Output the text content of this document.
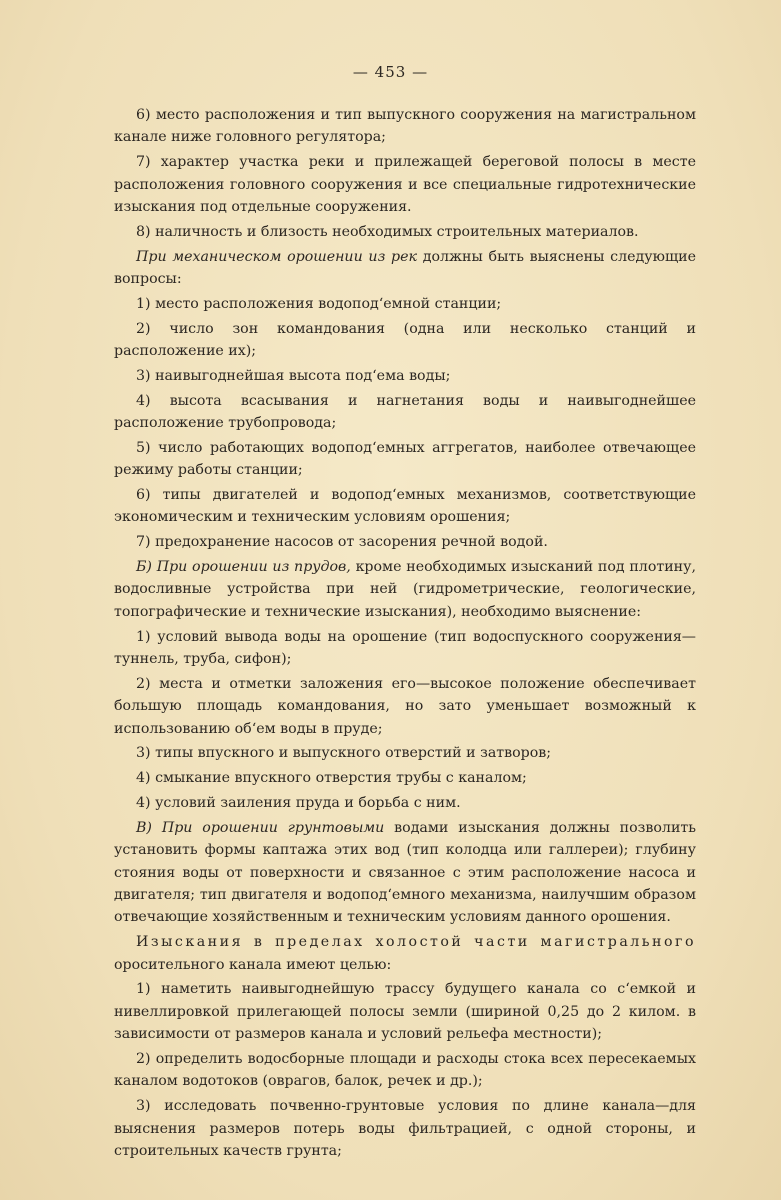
— 453 —

6) место расположения и тип выпускного сооружения на магистральном канале ниже головного регулятора;

7) характер участка реки и прилежащей береговой полосы в месте расположения головного сооружения и все специальные гидротехнические изыскания под отдельные сооружения.

8) наличность и близость необходимых строительных материалов.

При механическом орошении из рек должны быть выяснены следующие вопросы:

1) место расположения водопод‘емной станции;

2) число зон командования (одна или несколько станций и расположение их);

3) наивыгоднейшая высота под‘ема воды;

4) высота всасывания и нагнетания воды и наивыгоднейшее расположение трубопровода;

5) число работающих водопод‘емных аггрегатов, наиболее отвечающее режиму работы станции;

6) типы двигателей и водопод‘емных механизмов, соответствующие экономическим и техническим условиям орошения;

7) предохранение насосов от засорения речной водой.

Б) При орошении из прудов, кроме необходимых изысканий под плотину, водосливные устройства при ней (гидрометрические, геологические, топографические и технические изыскания), необходимо выяснение:

1) условий вывода воды на орошение (тип водоспускного сооружения—туннель, труба, сифон);

2) места и отметки заложения его—высокое положение обеспечивает большую площадь командования, но зато уменьшает возможный к использованию об‘ем воды в пруде;

3) типы впускного и выпускного отверстий и затворов;

4) смыкание впускного отверстия трубы с каналом;

4) условий заиления пруда и борьба с ним.

В) При орошении грунтовыми водами изыскания должны позволить установить формы каптажа этих вод (тип колодца или галлереи); глубину стояния воды от поверхности и связанное с этим расположение насоса и двигателя; тип двигателя и водопод‘емного механизма, наилучшим образом отвечающие хозяйственным и техническим условиям данного орошения.

Изыскания в пределах холостой части магистрального оросительного канала имеют целью:

1) наметить наивыгоднейшую трассу будущего канала со с‘емкой и нивеллировкой прилегающей полосы земли (шириной 0,25 до 2 килом. в зависимости от размеров канала и условий рельефа местности);

2) определить водосборные площади и расходы стока всех пересекаемых каналом водотоков (оврагов, балок, речек и др.);

3) исследовать почвенно-грунтовые условия по длине канала—для выяснения размеров потерь воды фильтрацией, с одной стороны, и строительных качеств грунта;
